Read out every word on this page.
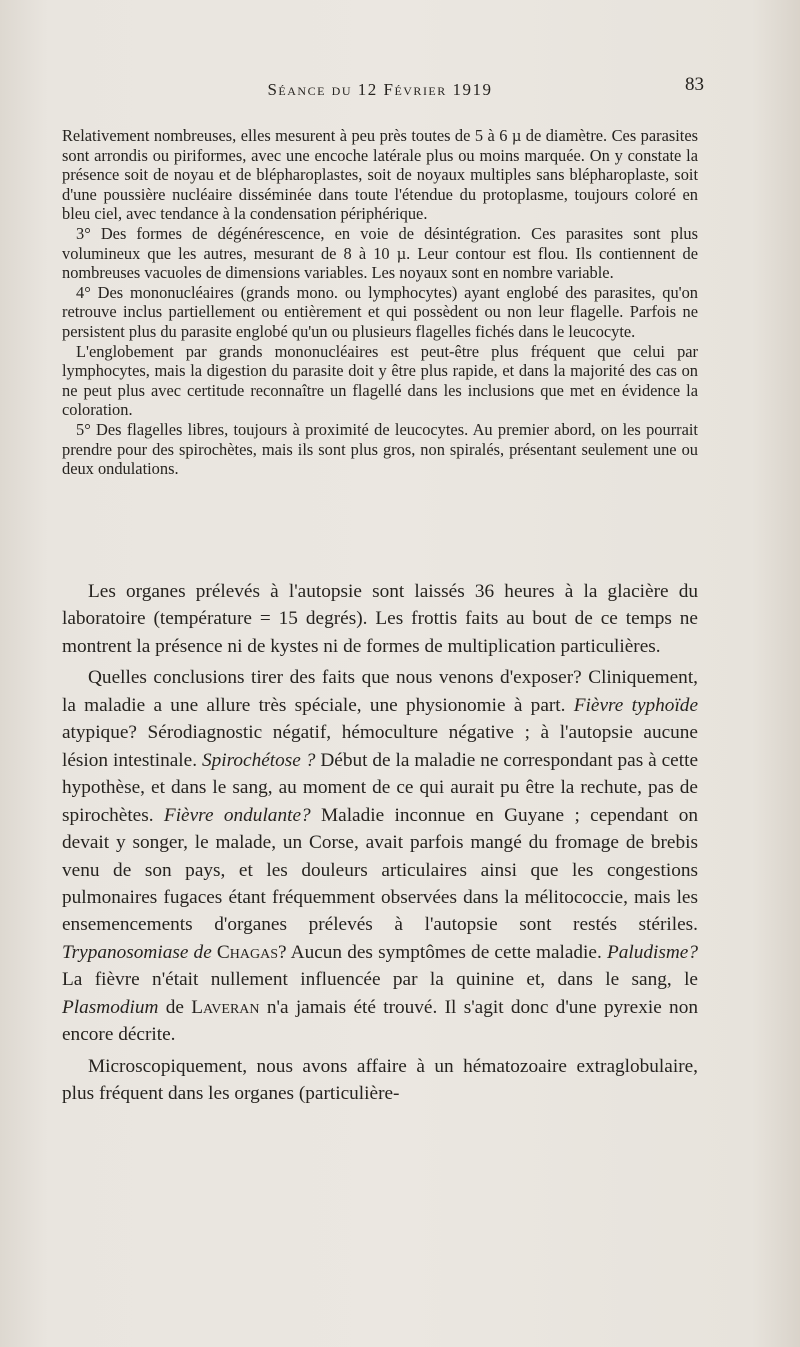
Séance du 12 Février 1919	83

Relativement nombreuses, elles mesurent à peu près toutes de 5 à 6 µ de diamètre. Ces parasites sont arrondis ou piriformes, avec une encoche latérale plus ou moins marquée. On y constate la présence soit de noyau et de blépharoplastes, soit de noyaux multiples sans blépharoplaste, soit d'une poussière nucléaire disséminée dans toute l'étendue du protoplasme, toujours coloré en bleu ciel, avec tendance à la condensation périphérique.

3° Des formes de dégénérescence, en voie de désintégration. Ces parasites sont plus volumineux que les autres, mesurant de 8 à 10 µ. Leur contour est flou. Ils contiennent de nombreuses vacuoles de dimensions variables. Les noyaux sont en nombre variable.

4° Des mononucléaires (grands mono. ou lymphocytes) ayant englobé des parasites, qu'on retrouve inclus partiellement ou entièrement et qui possèdent ou non leur flagelle. Parfois ne persistent plus du parasite englobé qu'un ou plusieurs flagelles fichés dans le leucocyte.

L'englobement par grands mononucléaires est peut-être plus fréquent que celui par lymphocytes, mais la digestion du parasite doit y être plus rapide, et dans la majorité des cas on ne peut plus avec certitude reconnaître un flagellé dans les inclusions que met en évidence la coloration.

5° Des flagelles libres, toujours à proximité de leucocytes. Au premier abord, on les pourrait prendre pour des spirochètes, mais ils sont plus gros, non spiralés, présentant seulement une ou deux ondulations.

Les organes prélevés à l'autopsie sont laissés 36 heures à la glacière du laboratoire (température = 15 degrés). Les frottis faits au bout de ce temps ne montrent la présence ni de kystes ni de formes de multiplication particulières.

Quelles conclusions tirer des faits que nous venons d'exposer? Cliniquement, la maladie a une allure très spéciale, une physionomie à part. Fièvre typhoïde atypique? Sérodiagnostic négatif, hémoculture négative ; à l'autopsie aucune lésion intestinale. Spirochétose ? Début de la maladie ne correspondant pas à cette hypothèse, et dans le sang, au moment de ce qui aurait pu être la rechute, pas de spirochètes. Fièvre ondulante? Maladie inconnue en Guyane ; cependant on devait y songer, le malade, un Corse, avait parfois mangé du fromage de brebis venu de son pays, et les douleurs articulaires ainsi que les congestions pulmonaires fugaces étant fréquemment observées dans la mélitococcie, mais les ensemencements d'organes prélevés à l'autopsie sont restés stériles. Trypanosomiase de Chagas? Aucun des symptômes de cette maladie. Paludisme? La fièvre n'était nullement influencée par la quinine et, dans le sang, le Plasmodium de Laveran n'a jamais été trouvé. Il s'agit donc d'une pyrexie non encore décrite.

Microscopiquement, nous avons affaire à un hématozoaire extraglobulaire, plus fréquent dans les organes (particulière-
